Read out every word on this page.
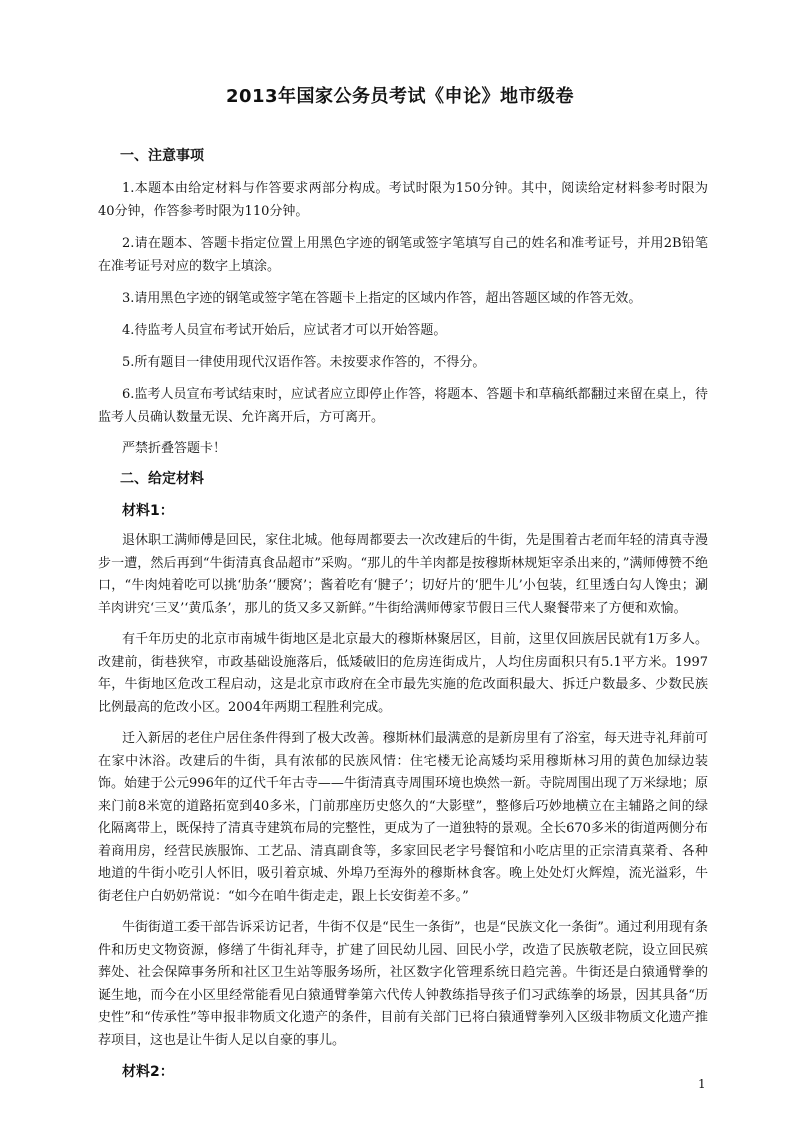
2013年国家公务员考试《申论》地市级卷
一、注意事项

1.本题本由给定材料与作答要求两部分构成。考试时限为150分钟。其中，阅读给定材料参考时限为40分钟，作答参考时限为110分钟。

2.请在题本、答题卡指定位置上用黑色字迹的钢笔或签字笔填写自己的姓名和准考证号，并用2B铅笔在准考证号对应的数字上填涂。

3.请用黑色字迹的钢笔或签字笔在答题卡上指定的区域内作答，超出答题区域的作答无效。

4.待监考人员宣布考试开始后，应试者才可以开始答题。

5.所有题目一律使用现代汉语作答。未按要求作答的，不得分。

6.监考人员宣布考试结束时，应试者应立即停止作答，将题本、答题卡和草稿纸都翻过来留在桌上，待监考人员确认数量无误、允许离开后，方可离开。

严禁折叠答题卡！

二、给定材料
材料1：

退休职工满师傅是回民，家住北城。他每周都要去一次改建后的牛街，先是围着古老而年轻的清真寺漫步一遭，然后再到“牛街清真食品超市”采购。“那儿的牛羊肉都是按穆斯林规矩宰杀出来的，”满师傅赞不绝口，“牛肉炖着吃可以挑‘肋条’‘腰窝’；酱着吃有‘腱子’；切好片的‘肥牛儿’小包装，红里透白勾人馋虫；涮羊肉讲究‘三叉’‘黄瓜条’，那儿的货又多又新鲜。”牛街给满师傅家节假日三代人聚餐带来了方便和欢愉。

有千年历史的北京市南城牛街地区是北京最大的穆斯林聚居区，目前，这里仅回族居民就有1万多人。改建前，街巷狭窄，市政基础设施落后，低矮破旧的危房连街成片，人均住房面积只有5.1平方米。1997年，牛街地区危改工程启动，这是北京市政府在全市最先实施的危改面积最大、拆迁户数最多、少数民族比例最高的危改小区。2004年两期工程胜利完成。

迁入新居的老住户居住条件得到了极大改善。穆斯林们最满意的是新房里有了浴室，每天进寺礼拜前可在家中沐浴。改建后的牛街，具有浓郁的民族风情：住宅楼无论高矮均采用穆斯林习用的黄色加绿边装饰。始建于公元996年的辽代千年古寺——牛街清真寺周围环境也焕然一新。寺院周围出现了万米绿地；原来门前8米宽的道路拓宽到40多米，门前那座历史悠久的“大影壁”，整修后巧妙地横立在主辅路之间的绿化隔离带上，既保持了清真寺建筑布局的完整性，更成为了一道独特的景观。全长670多米的街道两侧分布着商用房，经营民族服饰、工艺品、清真副食等，多家回民老字号餐馆和小吃店里的正宗清真菜肴、各种地道的牛街小吃引人怀旧，吸引着京城、外埠乃至海外的穆斯林食客。晚上处处灯火辉煌，流光溢彩，牛街老住户白奶奶常说：“如今在咱牛街走走，跟上长安街差不多。”

牛街街道工委干部告诉采访记者，牛街不仅是“民生一条街”，也是“民族文化一条街”。通过利用现有条件和历史文物资源，修缮了牛街礼拜寺，扩建了回民幼儿园、回民小学，改造了民族敬老院，设立回民殡葬处、社会保障事务所和社区卫生站等服务场所，社区数字化管理系统日趋完善。牛街还是白猿通臂拳的诞生地，而今在小区里经常能看见白猿通臂拳第六代传人钟教练指导孩子们习武练拳的场景，因其具备“历史性”和“传承性”等申报非物质文化遗产的条件，目前有关部门已将白猿通臂拳列入区级非物质文化遗产推荐项目，这也是让牛街人足以自豪的事儿。

材料2：
1
